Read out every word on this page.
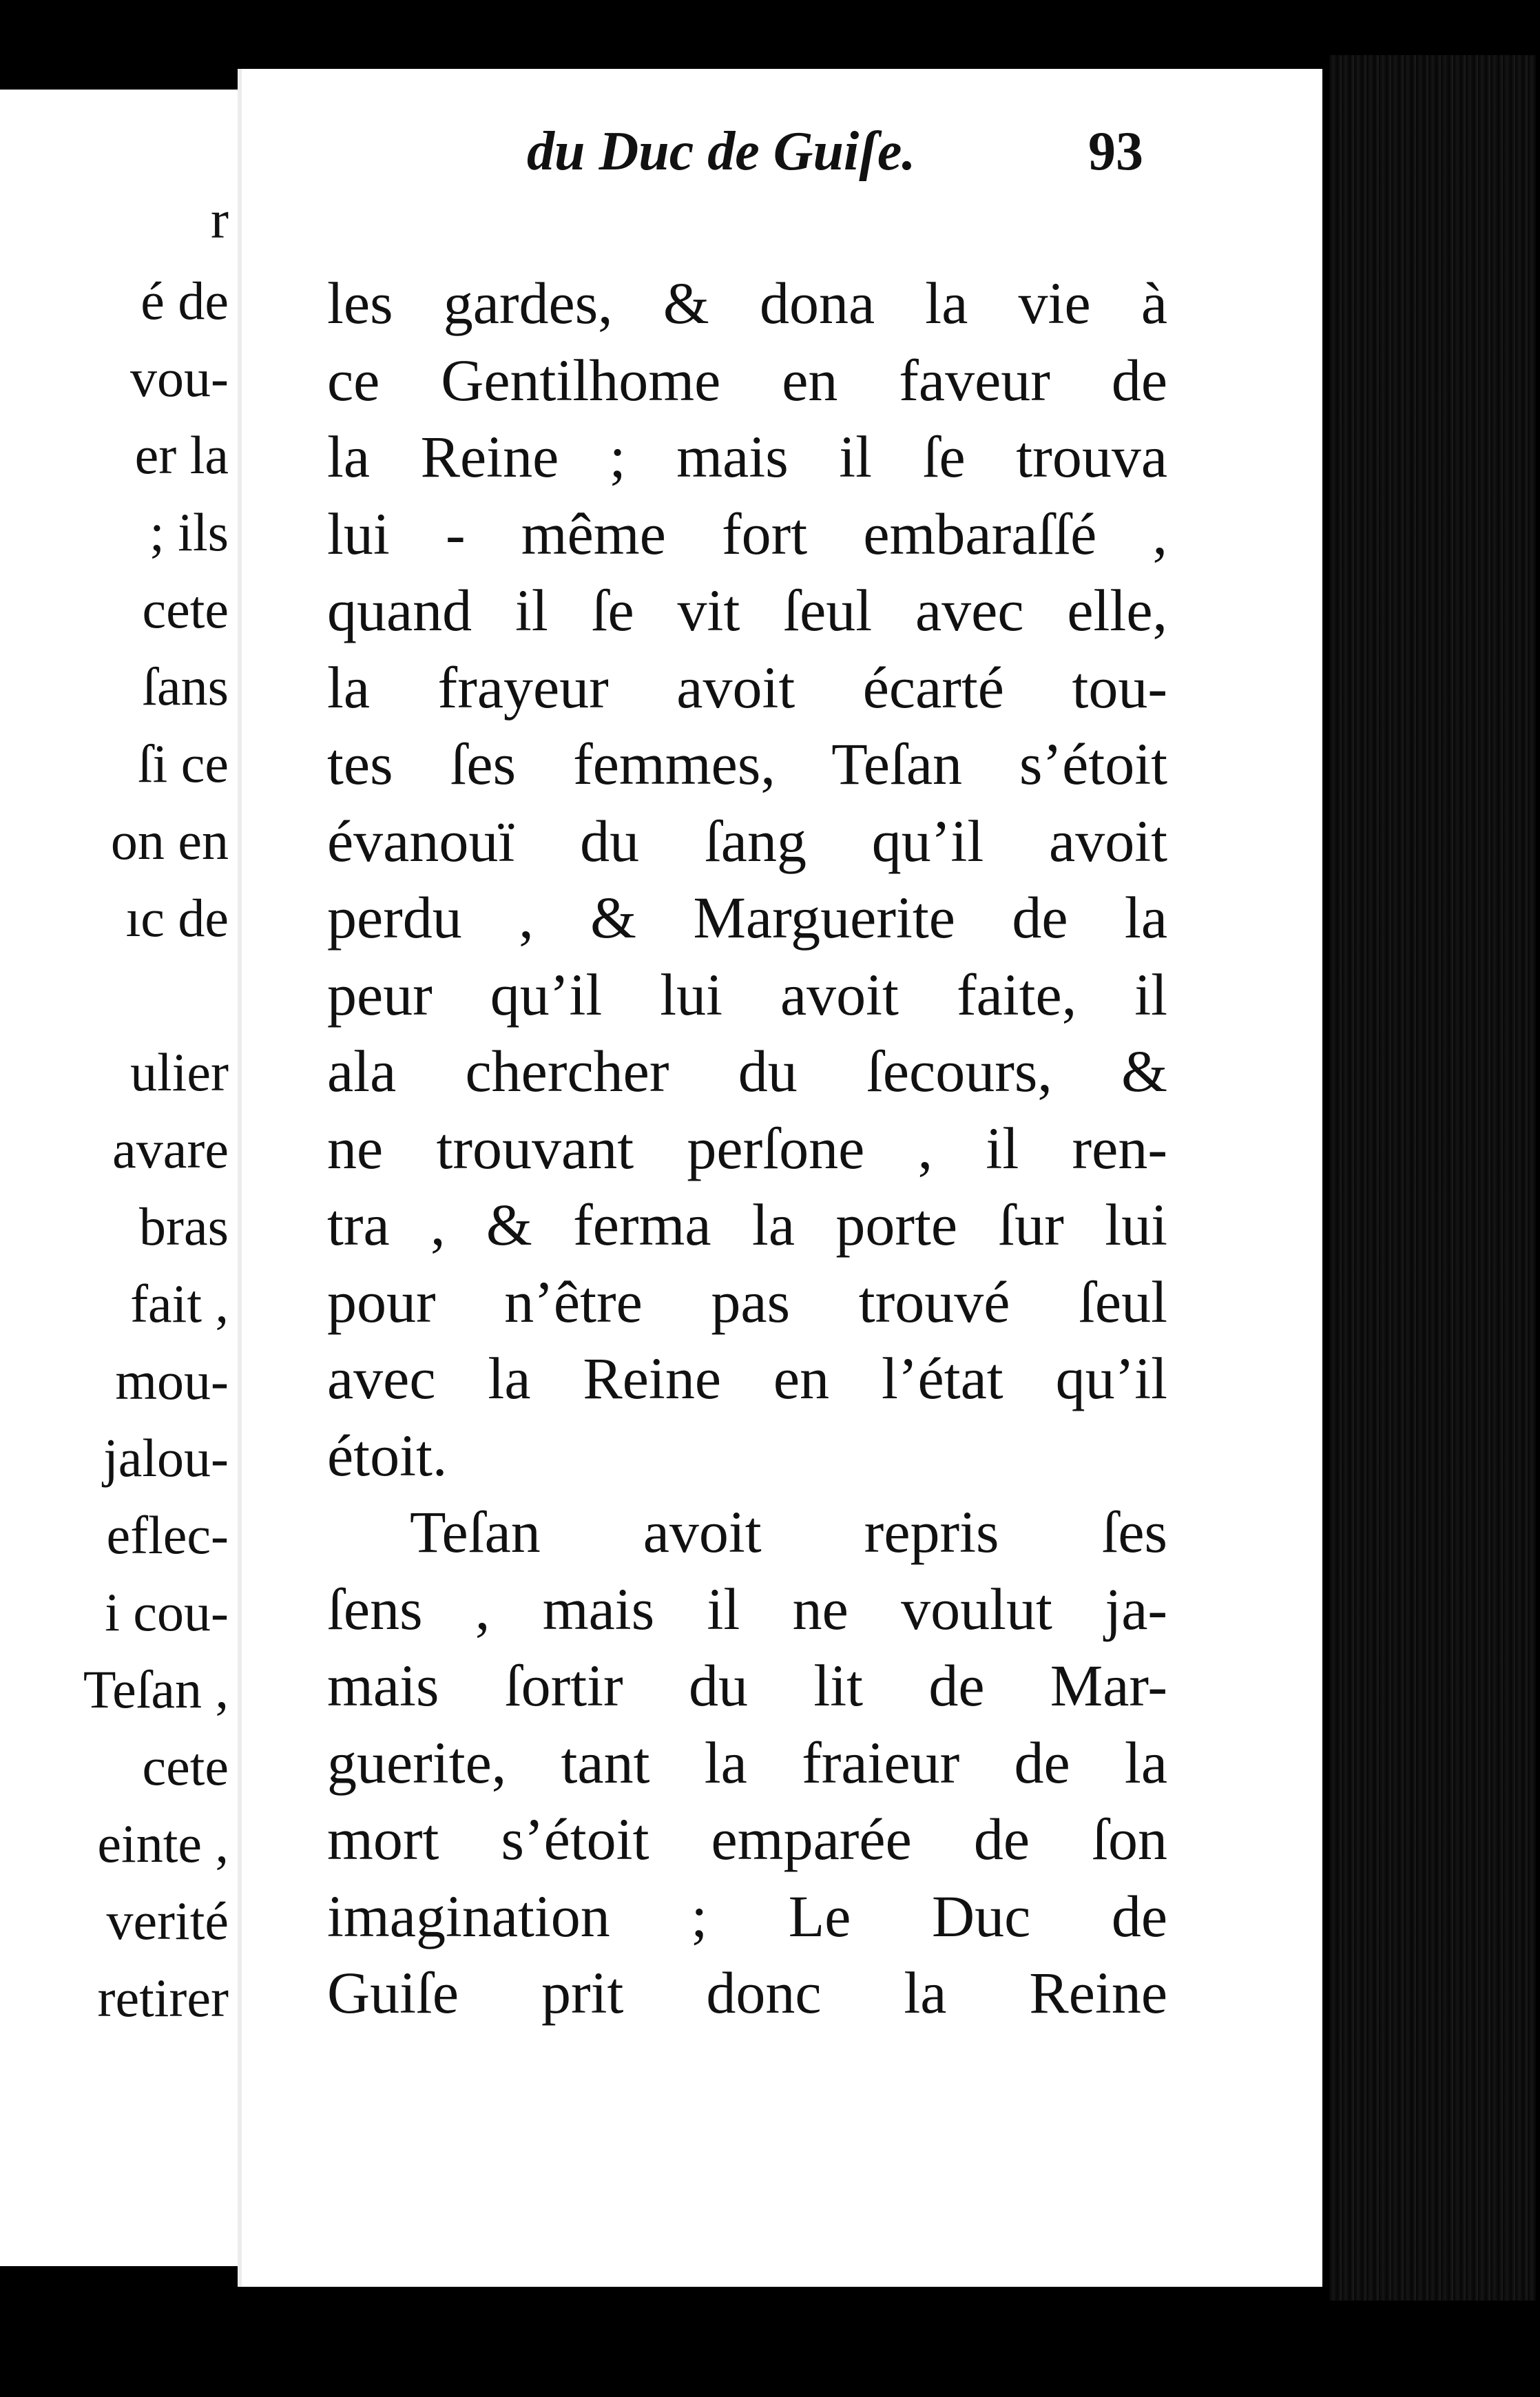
r
é de
vou-
er la
; ils
cete
ſans
ſi ce
on en
ıc de
ulier
avare
bras
fait ,
mou-
jalou-
eflec-
i cou-
Teſan ,
cete
einte ,
verité
retirer
du Duc de Guiſe.	93
les gardes, & dona la vie à
ce Gentilhome en faveur de
la Reine ; mais il ſe trouva
lui - même fort embaraſſé ,
quand il ſe vit ſeul avec elle,
la frayeur avoit écarté tou-
tes ſes femmes, Teſan s’étoit
évanouï du ſang qu’il avoit
perdu , & Marguerite de la
peur qu’il lui avoit faite, il
ala chercher du ſecours, &
ne trouvant perſone , il ren-
tra , & ferma la porte ſur lui
pour n’être pas trouvé ſeul
avec la Reine en l’état qu’il
étoit.
Teſan avoit repris ſes
ſens , mais il ne voulut ja-
mais ſortir du lit de Mar-
guerite, tant la fraieur de la
mort s’étoit emparée de ſon
imagination ; Le Duc de
Guiſe prit donc la Reine
